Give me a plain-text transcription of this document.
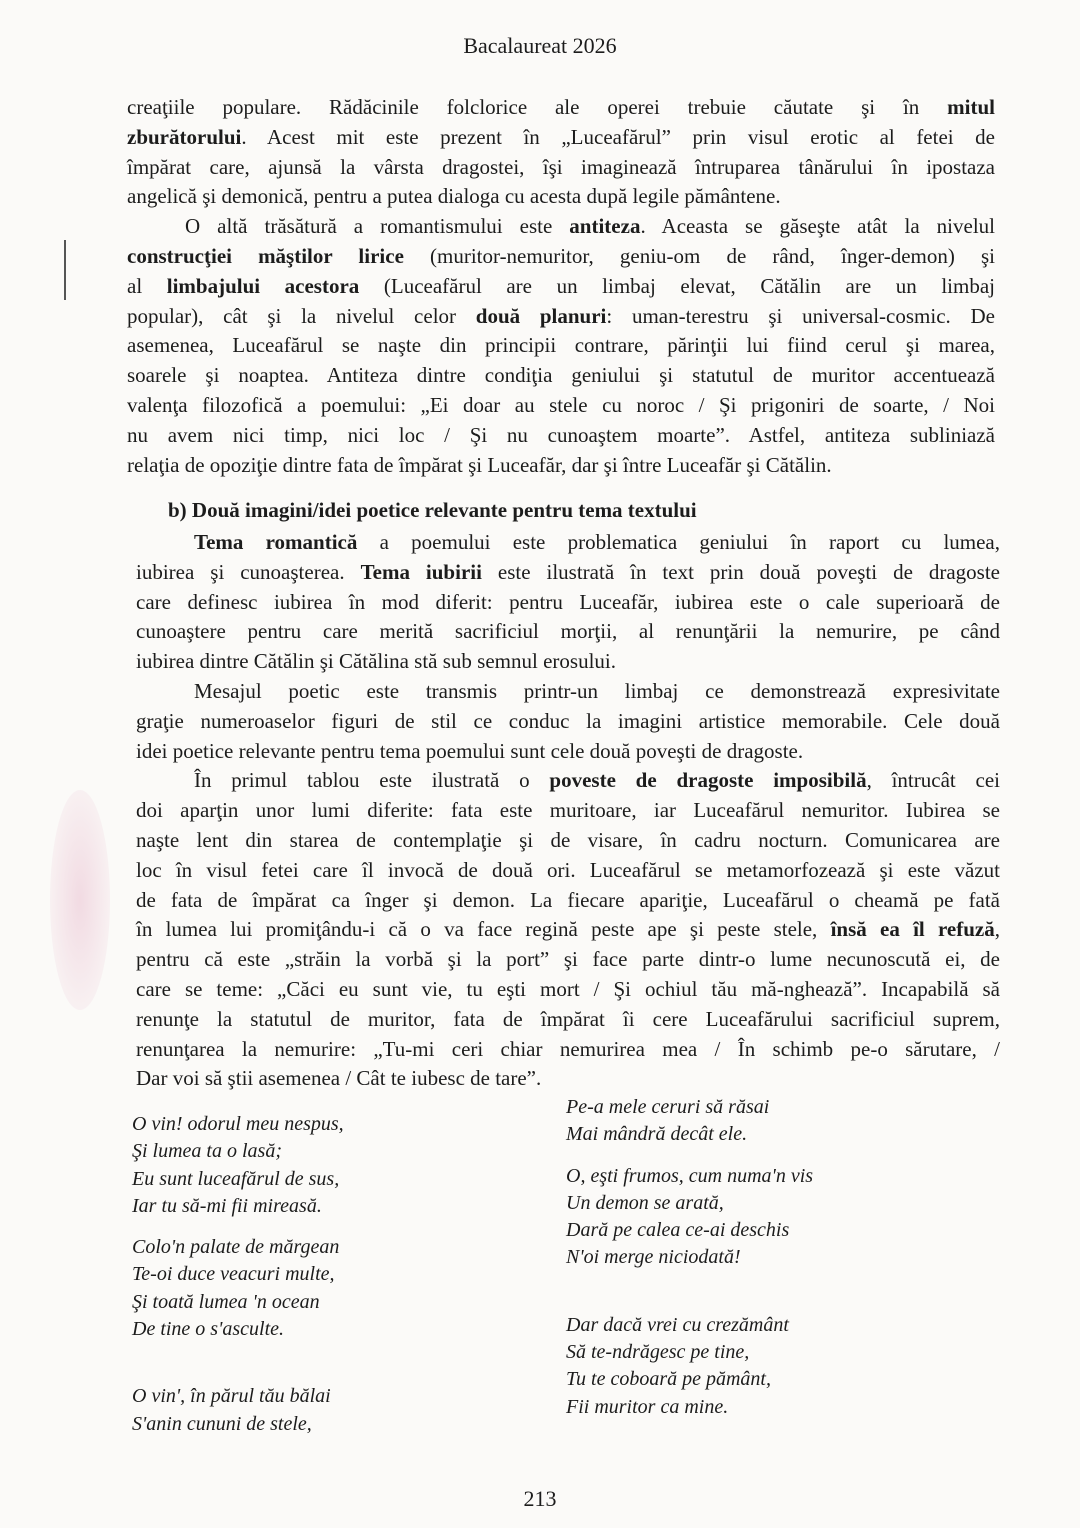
Bacalaureat 2026
creaţiile populare. Rădăcinile folclorice ale operei trebuie căutate şi în mitul
zburătorului. Acest mit este prezent în „Luceafărul” prin visul erotic al fetei de
împărat care, ajunsă la vârsta dragostei, îşi imaginează întruparea tânărului în ipostaza
angelică şi demonică, pentru a putea dialoga cu acesta după legile pământene.
O altă trăsătură a romantismului este antiteza. Aceasta se găseşte atât la nivelul
construcţiei măştilor lirice (muritor-nemuritor, geniu-om de rând, înger-demon) şi
al limbajului acestora (Luceafărul are un limbaj elevat, Cătălin are un limbaj
popular), cât şi la nivelul celor două planuri: uman-terestru şi universal-cosmic. De
asemenea, Luceafărul se naşte din principii contrare, părinţii lui fiind cerul şi marea,
soarele şi noaptea. Antiteza dintre condiţia geniului şi statutul de muritor accentuează
valenţa filozofică a poemului: „Ei doar au stele cu noroc / Şi prigoniri de soarte, / Noi
nu avem nici timp, nici loc / Şi nu cunoaştem moarte”. Astfel, antiteza subliniază
relaţia de opoziţie dintre fata de împărat şi Luceafăr, dar şi între Luceafăr şi Cătălin.
b) Două imagini/idei poetice relevante pentru tema textului
Tema romantică a poemului este problematica geniului în raport cu lumea,
iubirea şi cunoaşterea. Tema iubirii este ilustrată în text prin două poveşti de dragoste
care definesc iubirea în mod diferit: pentru Luceafăr, iubirea este o cale superioară de
cunoaştere pentru care merită sacrificiul morţii, al renunţării la nemurire, pe când
iubirea dintre Cătălin şi Cătălina stă sub semnul erosului.
Mesajul poetic este transmis printr-un limbaj ce demonstrează expresivitate
graţie numeroaselor figuri de stil ce conduc la imagini artistice memorabile. Cele două
idei poetice relevante pentru tema poemului sunt cele două poveşti de dragoste.
În primul tablou este ilustrată o poveste de dragoste imposibilă, întrucât cei
doi aparţin unor lumi diferite: fata este muritoare, iar Luceafărul nemuritor. Iubirea se
naşte lent din starea de contemplaţie şi de visare, în cadru nocturn. Comunicarea are
loc în visul fetei care îl invocă de două ori. Luceafărul se metamorfozează şi este văzut
de fata de împărat ca înger şi demon. La fiecare apariţie, Luceafărul o cheamă pe fată
în lumea lui promiţându-i că o va face regină peste ape şi peste stele, însă ea îl refuză,
pentru că este „străin la vorbă şi la port” şi face parte dintr-o lume necunoscută ei, de
care se teme: „Căci eu sunt vie, tu eşti mort / Şi ochiul tău mă-nghează”. Incapabilă să
renunţe la statutul de muritor, fata de împărat îi cere Luceafărului sacrificiul suprem,
renunţarea la nemurire: „Tu-mi ceri chiar nemurirea mea / În schimb pe-o sărutare, /
Dar voi să ştii asemenea / Cât te iubesc de tare”.
O vin! odorul meu nespus,
Şi lumea ta o lasă;
Eu sunt luceafărul de sus,
Iar tu să-mi fii mireasă.
Colo'n palate de mărgean
Te-oi duce veacuri multe,
Şi toată lumea 'n ocean
De tine o s'asculte.
O vin', în părul tău bălai
S'anin cununi de stele,
Pe-a mele ceruri să răsai
Mai mândră decât ele.
O, eşti frumos, cum numa'n vis
Un demon se arată,
Dară pe calea ce-ai deschis
N'oi merge niciodată!
Dar dacă vrei cu crezământ
Să te-ndrăgesc pe tine,
Tu te coboară pe pământ,
Fii muritor ca mine.
213
